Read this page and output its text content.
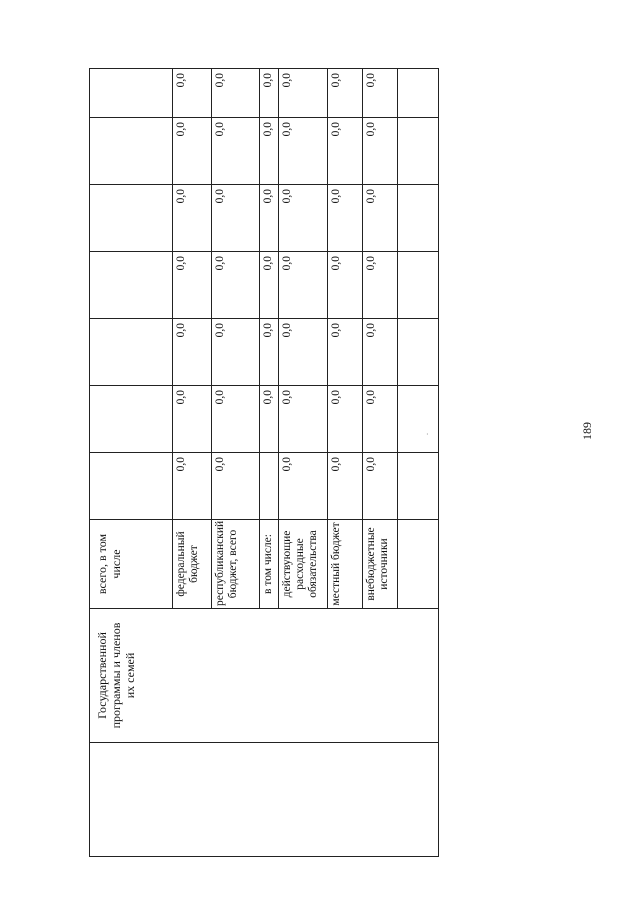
	Государственной программы и членов их семей	всего, в том числе							
		федеральный бюджет	0,0	0,0	0,0	0,0	0,0	0,0	0,0
		республиканский бюджет, всего	0,0	0,0	0,0	0,0	0,0	0,0	0,0
		в том числе:		0,0	0,0	0,0	0,0	0,0	0,0
		действующие расходные обязательства	0,0	0,0	0,0	0,0	0,0	0,0	0,0
		местный бюджет	0,0	0,0	0,0	0,0	0,0	0,0	0,0
		внебюджетные источники	0,0	0,0	0,0	0,0	0,0	0,0	0,0

·	189
